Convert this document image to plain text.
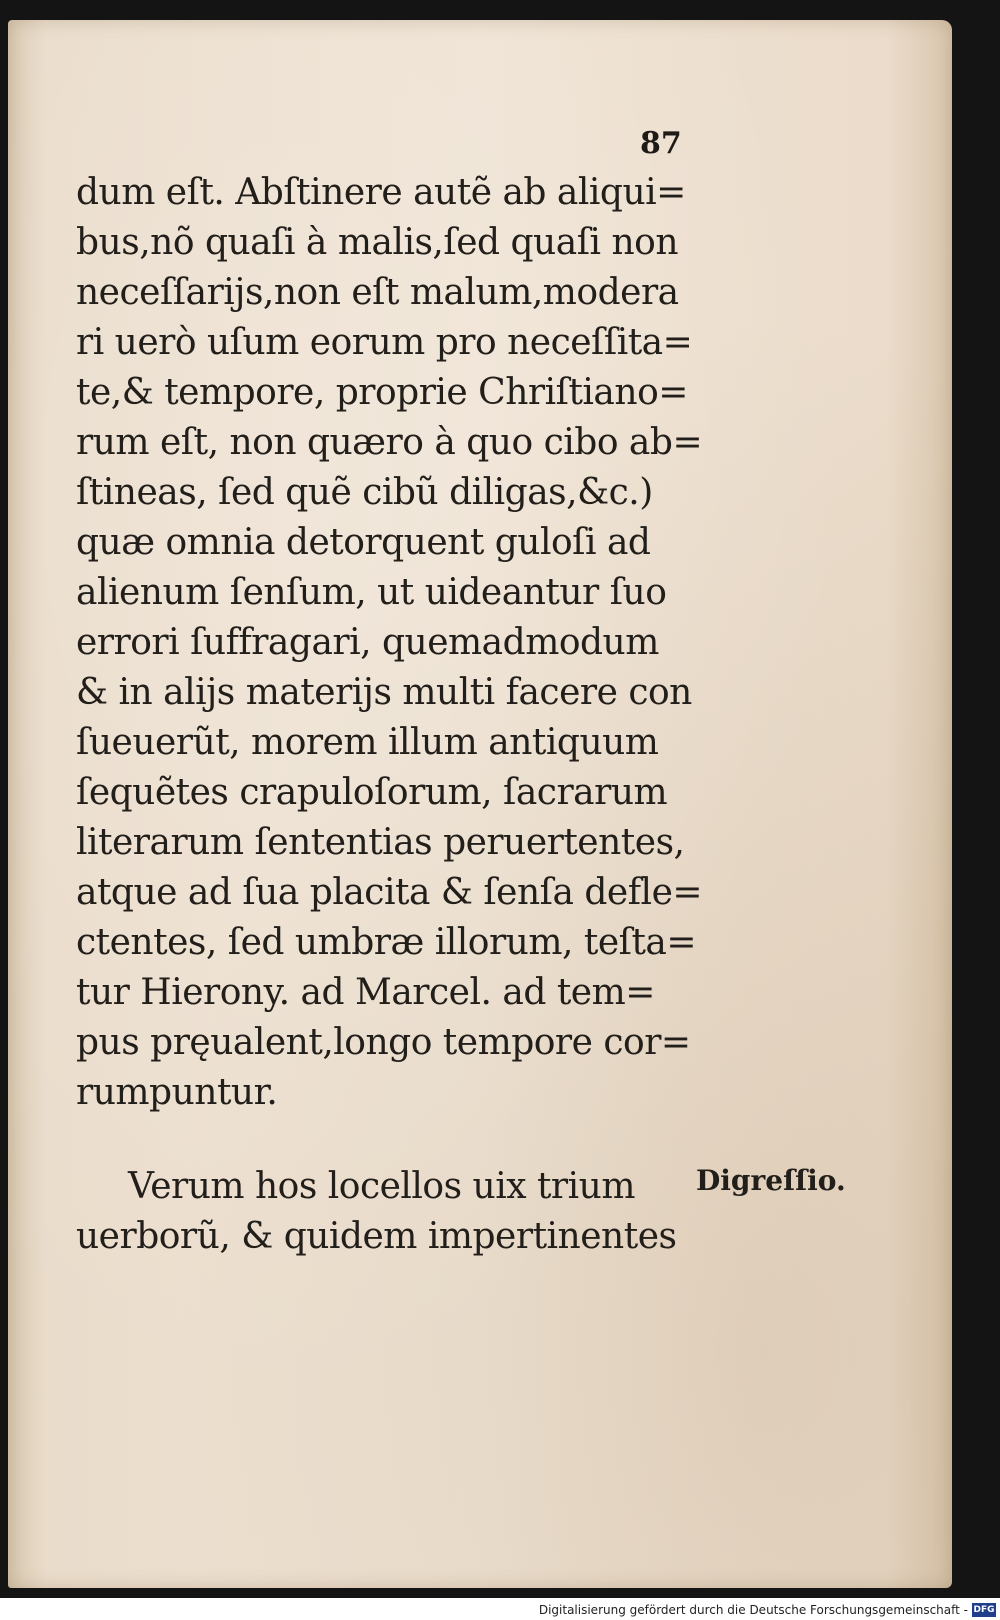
87
dum eſt. Abſtinere autẽ ab aliqui=
bus,nõ quaſi à malis,ſed quaſi non
neceſſarijs,non eſt malum,modera
ri uerò uſum eorum pro neceſſita=
te,& tempore, proprie Chriſtiano=
rum eſt, non quæro à quo cibo ab=
ſtineas, ſed quẽ cibũ diligas,&c.)
quæ omnia detorquent guloſi ad
alienum ſenſum, ut uideantur ſuo
errori ſuffragari, quemadmodum
& in alijs materijs multi facere con
ſueuerũt, morem illum antiquum
ſequẽtes crapuloſorum, ſacrarum
literarum ſententias peruertentes,
atque ad ſua placita & ſenſa defle=
ctentes, ſed umbræ illorum, teſta=
tur Hierony. ad Marcel. ad tem=
pus pręualent,longo tempore cor=
rumpuntur.
Verum hos locellos uix trium
uerborũ, & quidem impertinentes
Digreſſio.
Digitalisierung gefördert durch die Deutsche Forschungsgemeinschaft - DFG
